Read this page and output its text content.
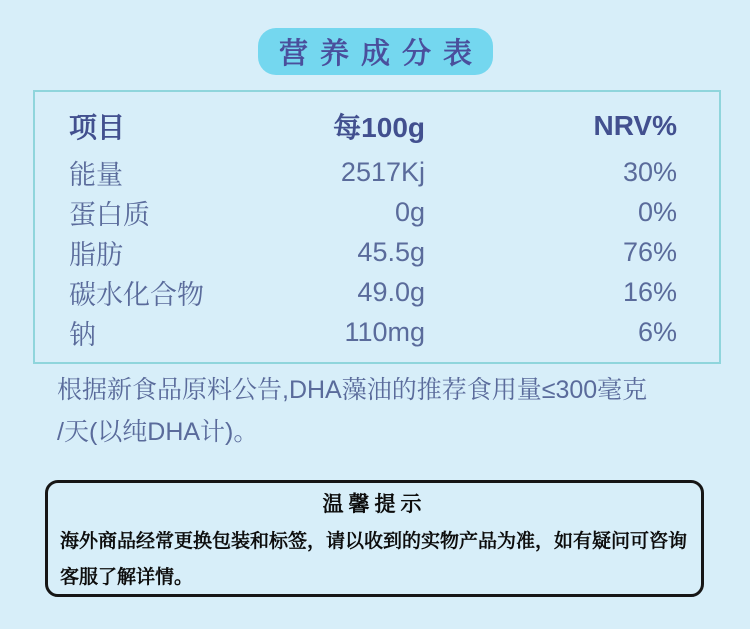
营养成分表
项目	每100g	NRV%
能量	2517Kj	30%
蛋白质	0g	0%
脂肪	45.5g	76%
碳水化合物	49.0g	16%
钠	110mg	6%
根据新食品原料公告,DHA藻油的推荐食用量≤300毫克
/天(以纯DHA计)。
温馨提示
海外商品经常更换包装和标签，请以收到的实物产品为准，如有疑问可咨询
客服了解详情。
